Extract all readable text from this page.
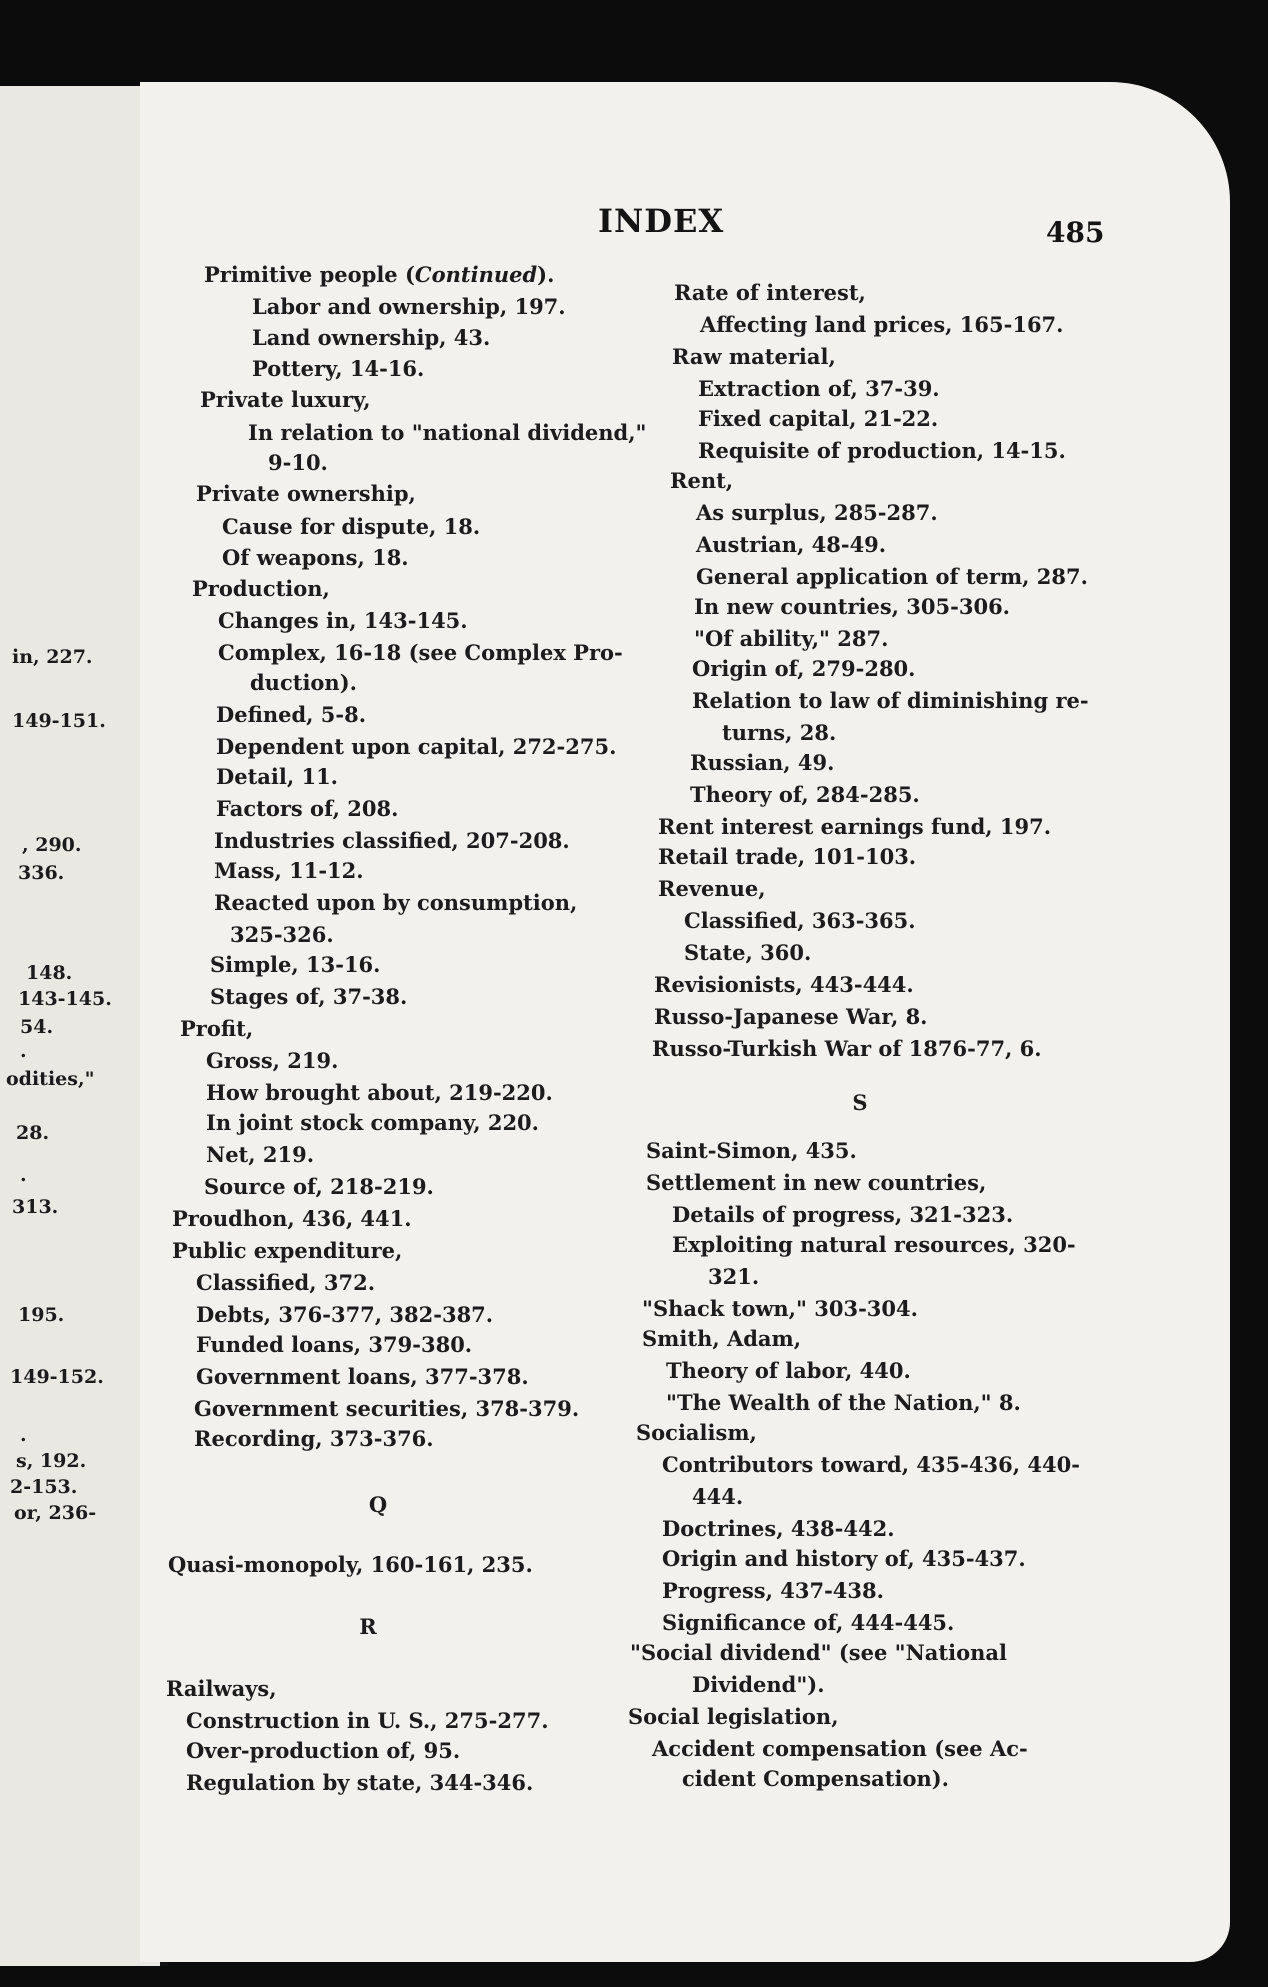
in, 227.
149-151.
, 290.
336.
148.
143-145.
54.
.
odities,"
28.
.
313.
195.
149-152.
.
s, 192.
2-153.
or, 236-
INDEX	485
Primitive people (Continued).
Labor and ownership, 197.
Land ownership, 43.
Pottery, 14-16.
Private luxury,
In relation to "national dividend,"
9-10.
Private ownership,
Cause for dispute, 18.
Of weapons, 18.
Production,
Changes in, 143-145.
Complex, 16-18 (see Complex Pro-
duction).
Defined, 5-8.
Dependent upon capital, 272-275.
Detail, 11.
Factors of, 208.
Industries classified, 207-208.
Mass, 11-12.
Reacted upon by consumption,
325-326.
Simple, 13-16.
Stages of, 37-38.
Profit,
Gross, 219.
How brought about, 219-220.
In joint stock company, 220.
Net, 219.
Source of, 218-219.
Proudhon, 436, 441.
Public expenditure,
Classified, 372.
Debts, 376-377, 382-387.
Funded loans, 379-380.
Government loans, 377-378.
Government securities, 378-379.
Recording, 373-376.
Q
Quasi-monopoly, 160-161, 235.
R
Railways,
Construction in U. S., 275-277.
Over-production of, 95.
Regulation by state, 344-346.
Rate of interest,
Affecting land prices, 165-167.
Raw material,
Extraction of, 37-39.
Fixed capital, 21-22.
Requisite of production, 14-15.
Rent,
As surplus, 285-287.
Austrian, 48-49.
General application of term, 287.
In new countries, 305-306.
"Of ability," 287.
Origin of, 279-280.
Relation to law of diminishing re-
turns, 28.
Russian, 49.
Theory of, 284-285.
Rent interest earnings fund, 197.
Retail trade, 101-103.
Revenue,
Classified, 363-365.
State, 360.
Revisionists, 443-444.
Russo-Japanese War, 8.
Russo-Turkish War of 1876-77, 6.
S
Saint-Simon, 435.
Settlement in new countries,
Details of progress, 321-323.
Exploiting natural resources, 320-
321.
"Shack town," 303-304.
Smith, Adam,
Theory of labor, 440.
"The Wealth of the Nation," 8.
Socialism,
Contributors toward, 435-436, 440-
444.
Doctrines, 438-442.
Origin and history of, 435-437.
Progress, 437-438.
Significance of, 444-445.
"Social dividend" (see "National
Dividend").
Social legislation,
Accident compensation (see Ac-
cident Compensation).
